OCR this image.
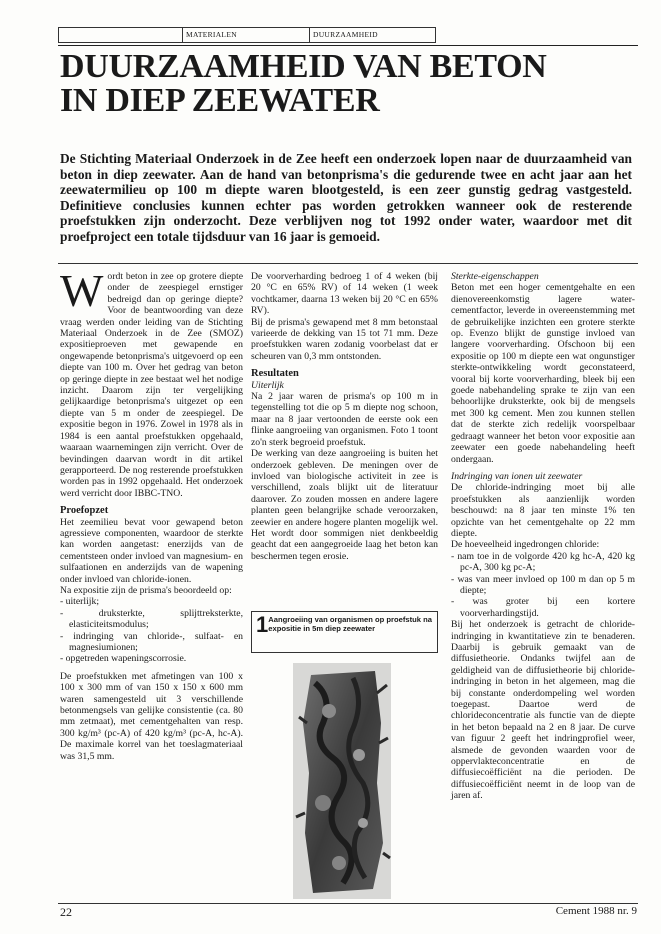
MATERIALEN	DUURZAAMHEID
DUURZAAMHEID VAN BETON
IN DIEP ZEEWATER

De Stichting Materiaal Onderzoek in de Zee heeft een onderzoek lopen naar de duurzaamheid van beton in diep zeewater. Aan de hand van betonprisma's die gedurende twee en acht jaar aan het zeewatermilieu op 100 m diepte waren blootgesteld, is een zeer gunstig gedrag vastgesteld. Definitieve conclusies kunnen echter pas worden getrokken wanneer ook de resterende proefstukken zijn onderzocht. Deze verblijven nog tot 1992 onder water, waardoor met dit proefproject een totale tijdsduur van 16 jaar is gemoeid.

Wordt beton in zee op grotere diepte onder de zeespiegel ernstiger bedreigd dan op geringe diepte? Voor de beantwoording van deze vraag werden onder leiding van de Stichting Materiaal Onderzoek in de Zee (SMOZ) expositieproeven met gewapende en ongewapende betonprisma's uitgevoerd op een diepte van 100 m. Over het gedrag van beton op geringe diepte in zee bestaat wel het nodige inzicht. Daarom zijn ter vergelijking gelijkaardige betonprisma's uitgezet op een diepte van 5 m onder de zeespiegel. De expositie begon in 1976. Zowel in 1978 als in 1984 is een aantal proefstukken opgehaald, waaraan waarnemingen zijn verricht. Over de bevindingen daarvan wordt in dit artikel gerapporteerd. De nog resterende proefstukken worden pas in 1992 opgehaald. Het onderzoek werd verricht door IBBC-TNO.

Proefopzet

Het zeemilieu bevat voor gewapend beton agressieve componenten, waardoor de sterkte kan worden aangetast: enerzijds van de cementsteen onder invloed van magnesium- en sulfaationen en anderzijds van de wapening onder invloed van chloride-ionen.

Na expositie zijn de prisma's beoordeeld op:

- uiterlijk;

- druksterkte, splijttreksterkte, elasticiteitsmodulus;

- indringing van chloride-, sulfaat- en magnesiumionen;

- opgetreden wapeningscorrosie.

De proefstukken met afmetingen van 100 x 100 x 300 mm of van 150 x 150 x 600 mm waren samengesteld uit 3 verschillende betonmengsels van gelijke consistentie (ca. 80 mm zetmaat), met cementgehalten van resp. 300 kg/m³ (pc-A) of 420 kg/m³ (pc-A, hc-A). De maximale korrel van het toeslagmateriaal was 31,5 mm.

De voorverharding bedroeg 1 of 4 weken (bij 20 °C en 65% RV) of 14 weken (1 week vochtkamer, daarna 13 weken bij 20 °C en 65% RV).

Bij de prisma's gewapend met 8 mm betonstaal varieerde de dekking van 15 tot 71 mm. Deze proefstukken waren zodanig voorbelast dat er scheuren van 0,3 mm ontstonden.

Resultaten

Uiterlijk

Na 2 jaar waren de prisma's op 100 m in tegenstelling tot die op 5 m diepte nog schoon, maar na 8 jaar vertoonden de eerste ook een flinke aangroeiing van organismen. Foto 1 toont zo'n sterk begroeid proefstuk.

De werking van deze aangroeiing is buiten het onderzoek gebleven. De meningen over de invloed van biologische activiteit in zee is verschillend, zoals blijkt uit de literatuur daarover. Zo zouden mossen en andere lagere planten geen belangrijke schade veroorzaken, zeewier en andere hogere planten mogelijk wel. Het wordt door sommigen niet denkbeeldig geacht dat een aangegroeide laag het beton kan beschermen tegen erosie.

1 Aangroeiing van organismen op proefstuk na expositie in 5m diep zeewater

Sterkte-eigenschappen

Beton met een hoger cementgehalte en een dienovereenkomstig lagere water-cementfactor, leverde in overeenstemming met de gebruikelijke inzichten een grotere sterkte op. Evenzo blijkt de gunstige invloed van langere voorverharding. Ofschoon bij een expositie op 100 m diepte een wat ongunstiger sterkte-ontwikkeling wordt geconstateerd, vooral bij korte voorverharding, bleek bij een goede nabehandeling sprake te zijn van een behoorlijke druksterkte, ook bij de mengsels met 300 kg cement. Men zou kunnen stellen dat de sterkte zich redelijk voorspelbaar gedraagt wanneer het beton voor expositie aan zeewater een goede nabehandeling heeft ondergaan.

Indringing van ionen uit zeewater

De chloride-indringing moet bij alle proefstukken als aanzienlijk worden beschouwd: na 8 jaar ten minste 1% ten opzichte van het cementgehalte op 22 mm diepte.

De hoeveelheid ingedrongen chloride:

- nam toe in de volgorde 420 kg hc-A, 420 kg pc-A, 300 kg pc-A;

- was van meer invloed op 100 m dan op 5 m diepte;

- was groter bij een kortere voorverhardingstijd.

Bij het onderzoek is getracht de chloride-indringing in kwantitatieve zin te benaderen. Daarbij is gebruik gemaakt van de diffusietheorie. Ondanks twijfel aan de geldigheid van de diffusietheorie bij chloride-indringing in beton in het algemeen, mag die bij constante onderdompeling wel worden toegepast. Daartoe werd de chlorideconcentratie als functie van de diepte in het beton bepaald na 2 en 8 jaar. De curve van figuur 2 geeft het indringprofiel weer, alsmede de gevonden waarden voor de oppervlakteconcentratie en de diffusiecoëfficiënt na die perioden. De diffusiecoëfficiënt neemt in de loop van de jaren af.

22	Cement 1988 nr. 9
